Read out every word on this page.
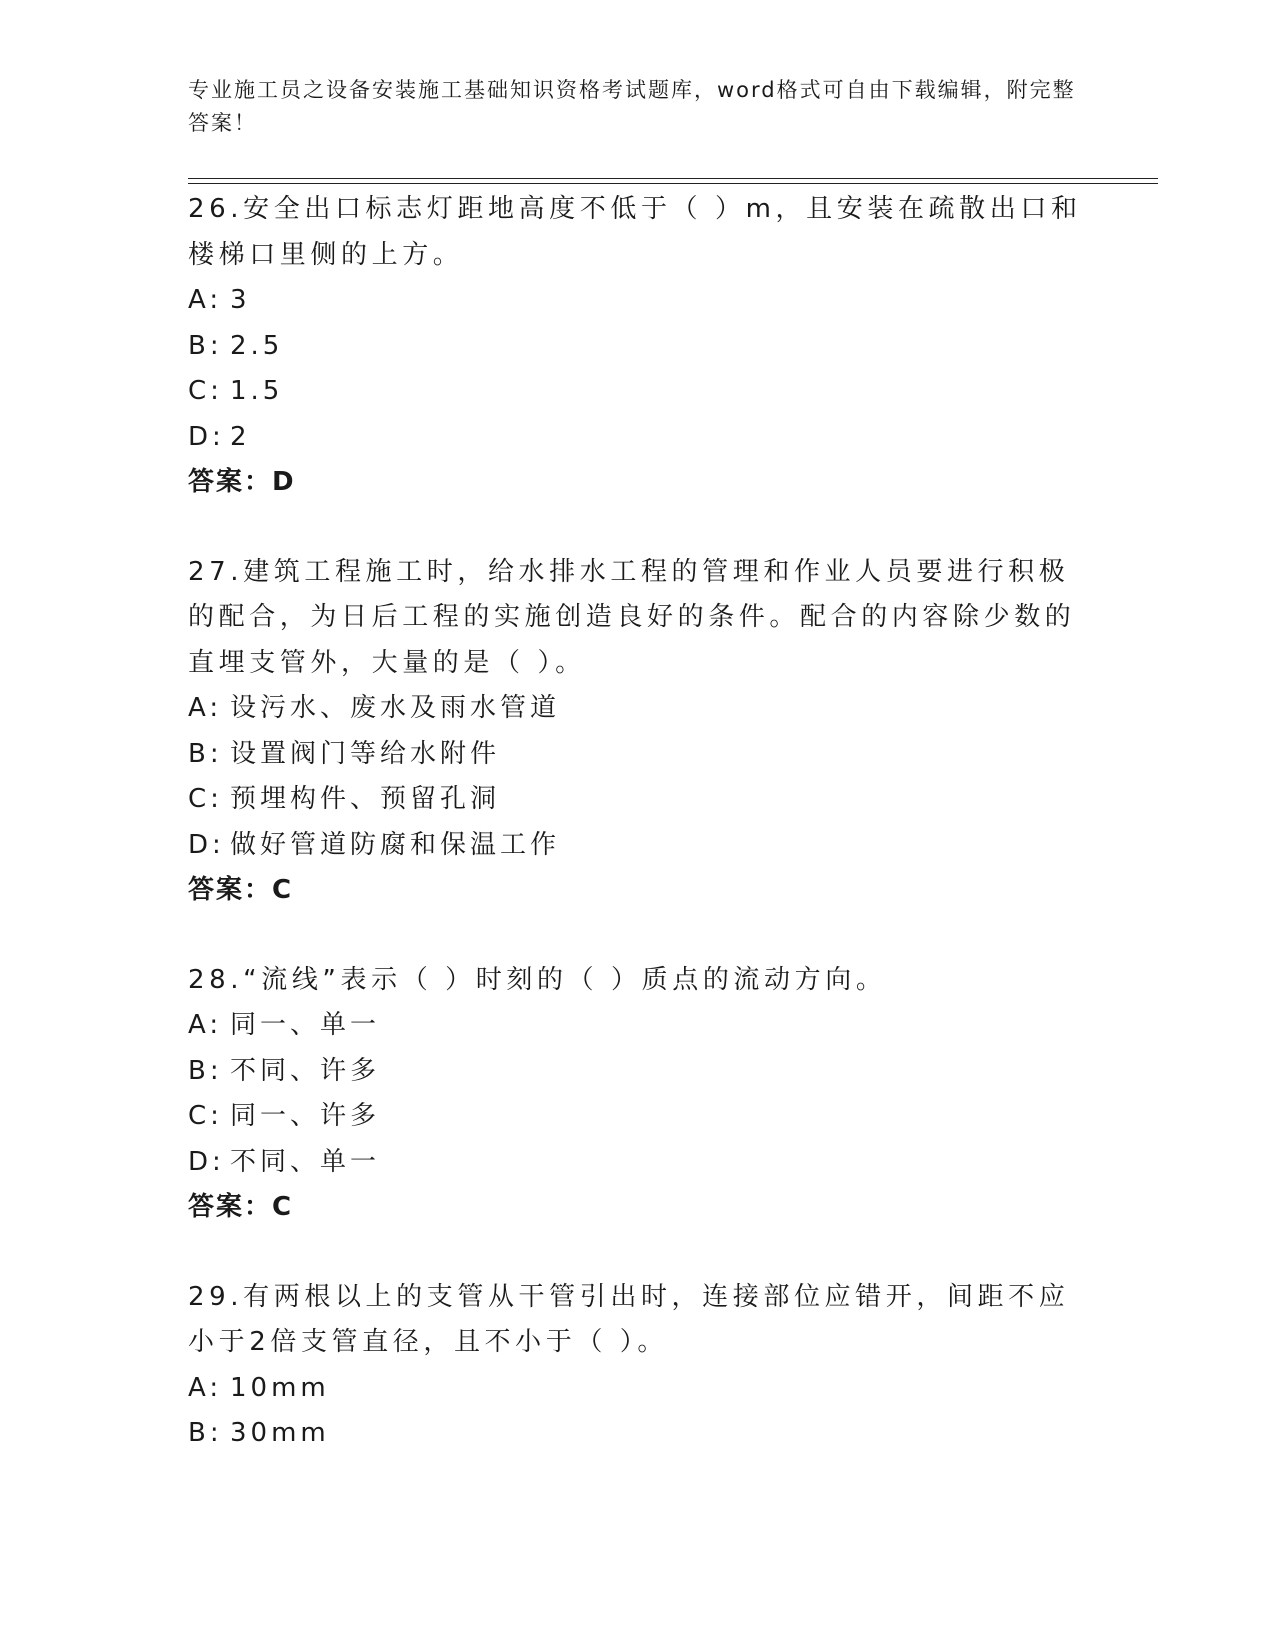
专业施工员之设备安装施工基础知识资格考试题库，word格式可自由下载编辑，附完整答案！
26.安全出口标志灯距地高度不低于（ ）m，且安装在疏散出口和楼梯口里侧的上方。
A: 3
B: 2.5
C: 1.5
D: 2
答案：D
27.建筑工程施工时，给水排水工程的管理和作业人员要进行积极的配合，为日后工程的实施创造良好的条件。配合的内容除少数的直埋支管外，大量的是（ ）。
A: 设污水、废水及雨水管道
B: 设置阀门等给水附件
C: 预埋构件、预留孔洞
D: 做好管道防腐和保温工作
答案：C
28.“流线”表示（ ）时刻的（ ）质点的流动方向。
A: 同一、单一
B: 不同、许多
C: 同一、许多
D: 不同、单一
答案：C
29.有两根以上的支管从干管引出时，连接部位应错开，间距不应小于2倍支管直径，且不小于（ ）。
A: 10mm
B: 30mm
